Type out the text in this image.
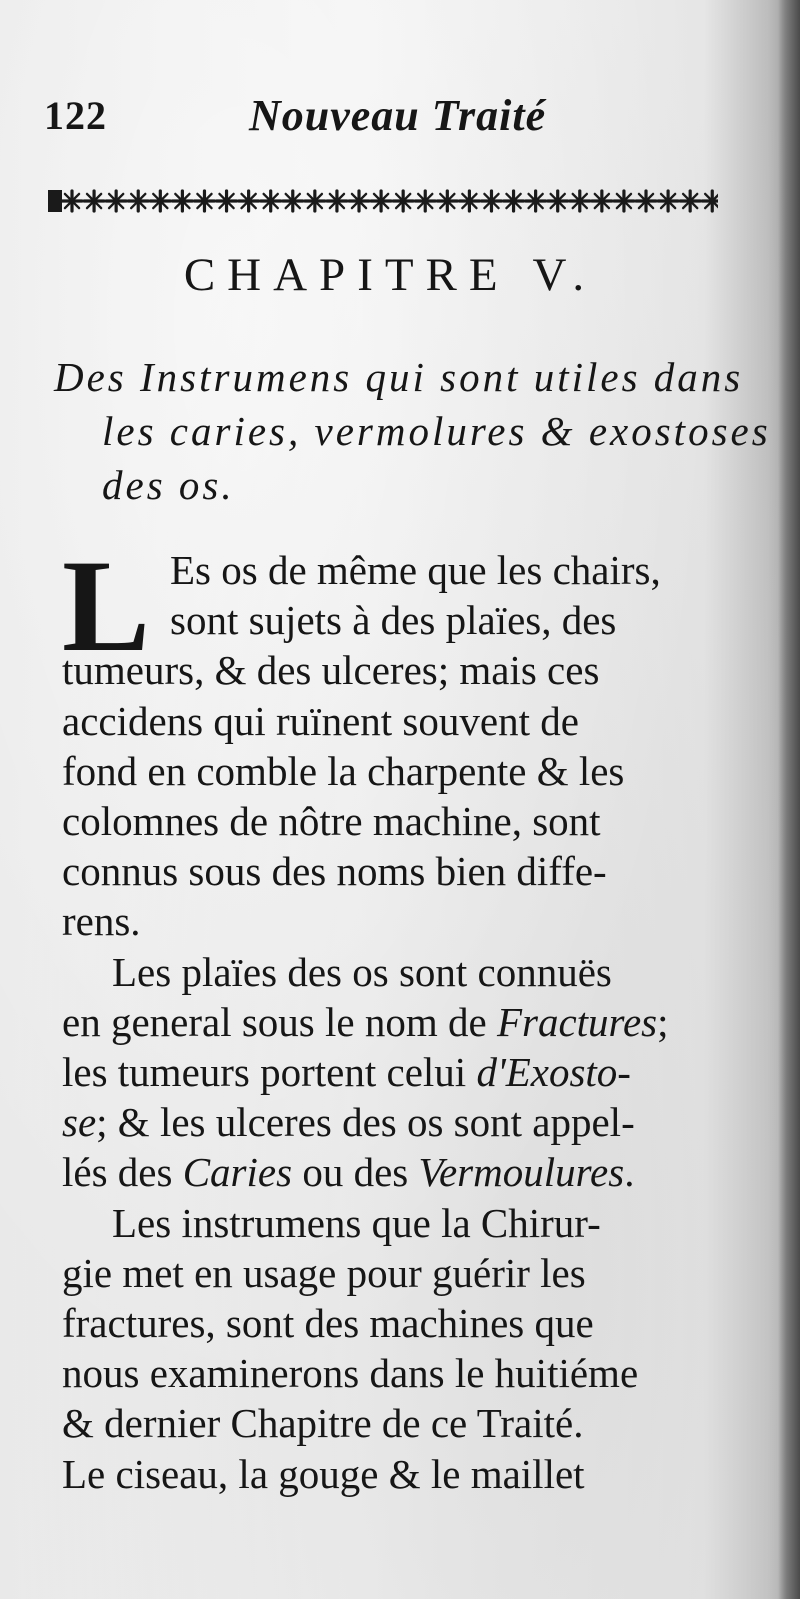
122	Nouveau Traité
CHAPITRE V.
Des Instrumens qui sont utiles dans
les caries, vermolures & exostoses
des os.
L Es os de même que les chairs,
sont sujets à des plaïes, des
tumeurs, & des ulceres; mais ces
accidens qui ruïnent souvent de
fond en comble la charpente & les
colomnes de nôtre machine, sont
connus sous des noms bien diffe-
rens.
Les plaïes des os sont connuës
en general sous le nom de Fractures;
les tumeurs portent celui d'Exosto-
se; & les ulceres des os sont appel-
lés des Caries ou des Vermoulures.
Les instrumens que la Chirur-
gie met en usage pour guérir les
fractures, sont des machines que
nous examinerons dans le huitiéme
& dernier Chapitre de ce Traité.
Le ciseau, la gouge & le maillet
